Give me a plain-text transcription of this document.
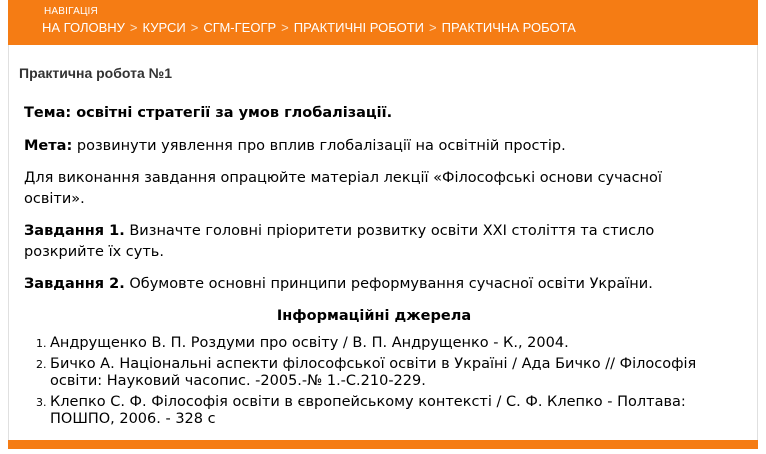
НАВІГАЦІЯ
НА ГОЛОВНУ > КУРСИ > СГМ-ГЕОГР > ПРАКТИЧНІ РОБОТИ > ПРАКТИЧНА РОБОТА
Практична робота №1

Тема: освітні стратегії за умов глобалізації.

Мета: розвинути уявлення про вплив глобалізації на освітній простір.

Для виконання завдання опрацюйте матеріал лекції «Філософські основи сучасної освіти».

Завдання 1. Визначте головні пріоритети розвитку освіти ХХІ століття та стисло розкрийте їх суть.

Завдання 2. Обумовте основні принципи реформування сучасної освіти України.

Інформаційні джерела
1. Андрущенко В. П. Роздуми про освіту / В. П. Андрущенко - К., 2004.
2. Бичко А. Національні аспекти філософської освіти в Україні / Ада Бичко // Філософія освіти: Науковий часопис. -2005.-№ 1.-С.210-229.
3. Клепко С. Ф. Філософія освіти в європейському контексті / С. Ф. Клепко - Полтава: ПОШПО, 2006. - 328 с
